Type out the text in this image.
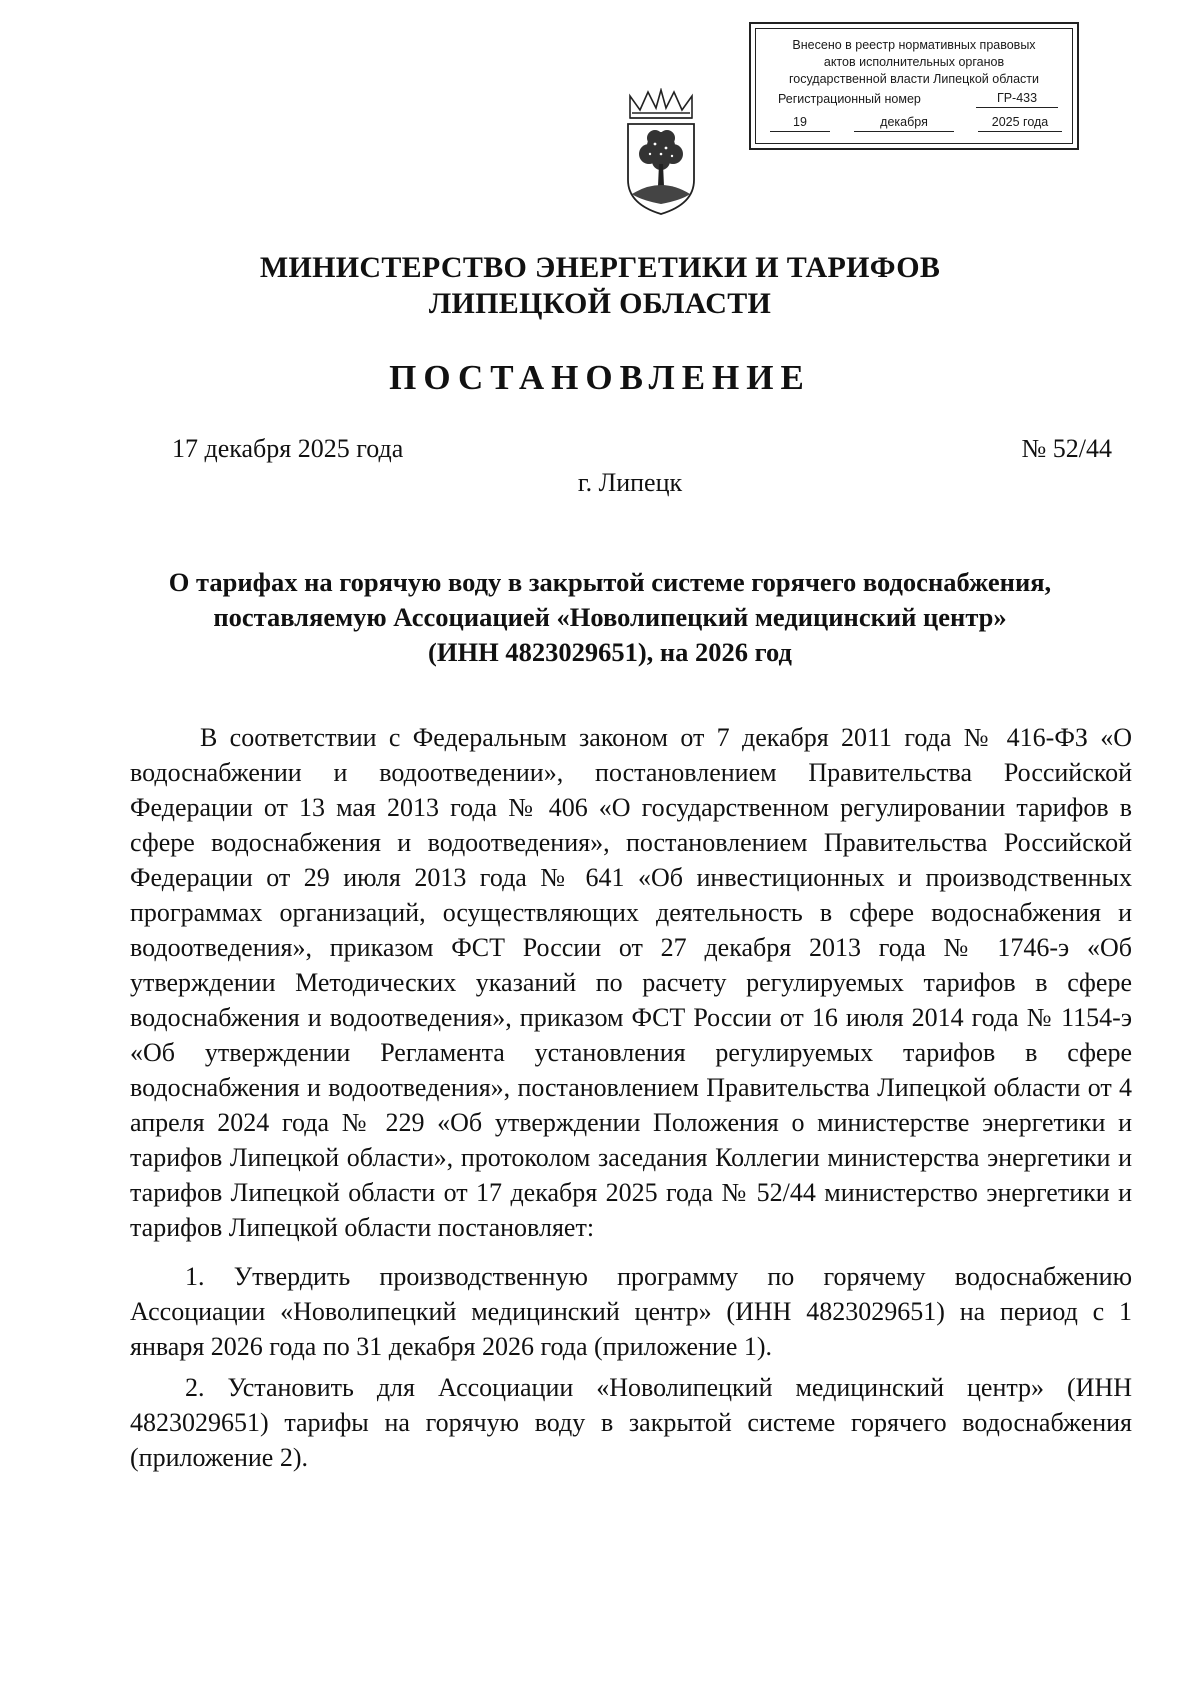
Внесено в реестр нормативных правовых
актов исполнительных органов
государственной власти Липецкой области
Регистрационный номер	ГР-433
19	декабря	2025 года
МИНИСТЕРСТВО ЭНЕРГЕТИКИ И ТАРИФОВ
ЛИПЕЦКОЙ ОБЛАСТИ
ПОСТАНОВЛЕНИЕ
17 декабря 2025 года	№ 52/44
г. Липецк
О тарифах на горячую воду в закрытой системе горячего водоснабжения,
поставляемую Ассоциацией «Новолипецкий медицинский центр»
(ИНН 4823029651), на 2026 год

В соответствии с Федеральным законом от 7 декабря 2011 года № 416-ФЗ «О водоснабжении и водоотведении», постановлением Правительства Российской Федерации от 13 мая 2013 года № 406 «О государственном регулировании тарифов в сфере водоснабжения и водоотведения», постановлением Правительства Российской Федерации от 29 июля 2013 года № 641 «Об инвестиционных и производственных программах организаций, осуществляющих деятельность в сфере водоснабжения и водоотведения», приказом ФСТ России от 27 декабря 2013 года № 1746-э «Об утверждении Методических указаний по расчету регулируемых тарифов в сфере водоснабжения и водоотведения», приказом ФСТ России от 16 июля 2014 года № 1154-э «Об утверждении Регламента установления регулируемых тарифов в сфере водоснабжения и водоотведения», постановлением Правительства Липецкой области от 4 апреля 2024 года № 229 «Об утверждении Положения о министерстве энергетики и тарифов Липецкой области», протоколом заседания Коллегии министерства энергетики и тарифов Липецкой области от 17 декабря 2025 года № 52/44 министерство энергетики и тарифов Липецкой области постановляет:

1. Утвердить производственную программу по горячему водоснабжению Ассоциации «Новолипецкий медицинский центр» (ИНН 4823029651) на период с 1 января 2026 года по 31 декабря 2026 года (приложение 1).

2. Установить для Ассоциации «Новолипецкий медицинский центр» (ИНН 4823029651) тарифы на горячую воду в закрытой системе горячего водоснабжения (приложение 2).
